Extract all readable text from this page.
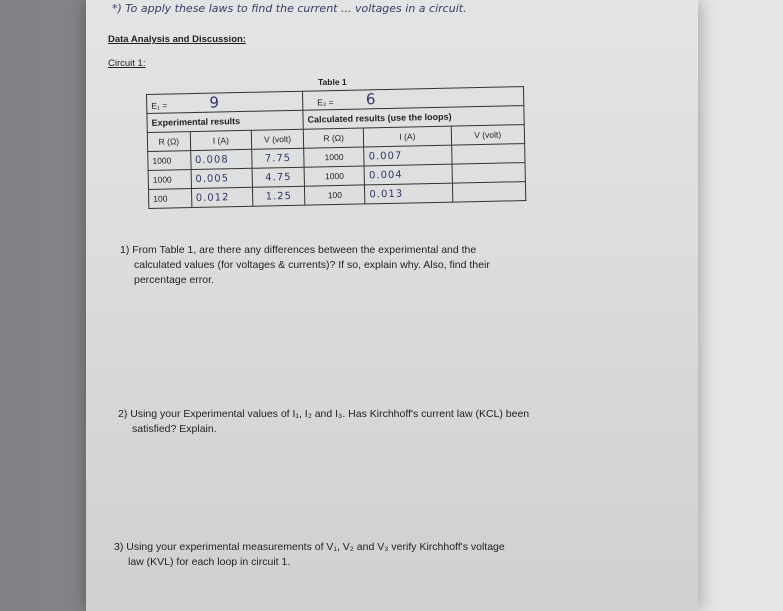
*) To apply these laws to find the current ... voltages in a circuit.
Data Analysis and Discussion:
Circuit 1:
Table 1
E₁ = 9			E₂ = 6		
Experimental results			Calculated results (use the loops)		
R (Ω)	I (A)	V (volt)	R (Ω)	I (A)	V (volt)
1000	0.008	7.75	1000	0.007	
1000	0.005	4.75	1000	0.004	
100	0.012	1.25	100	0.013	
1) From Table 1, are there any differences between the experimental and the
calculated values (for voltages & currents)? If so, explain why. Also, find their
percentage error.
2) Using your Experimental values of I₁, I₂ and I₃. Has Kirchhoff's current law (KCL) been
satisfied? Explain.
3) Using your experimental measurements of V₁, V₂ and V₃ verify Kirchhoff's voltage
law (KVL) for each loop in circuit 1.
